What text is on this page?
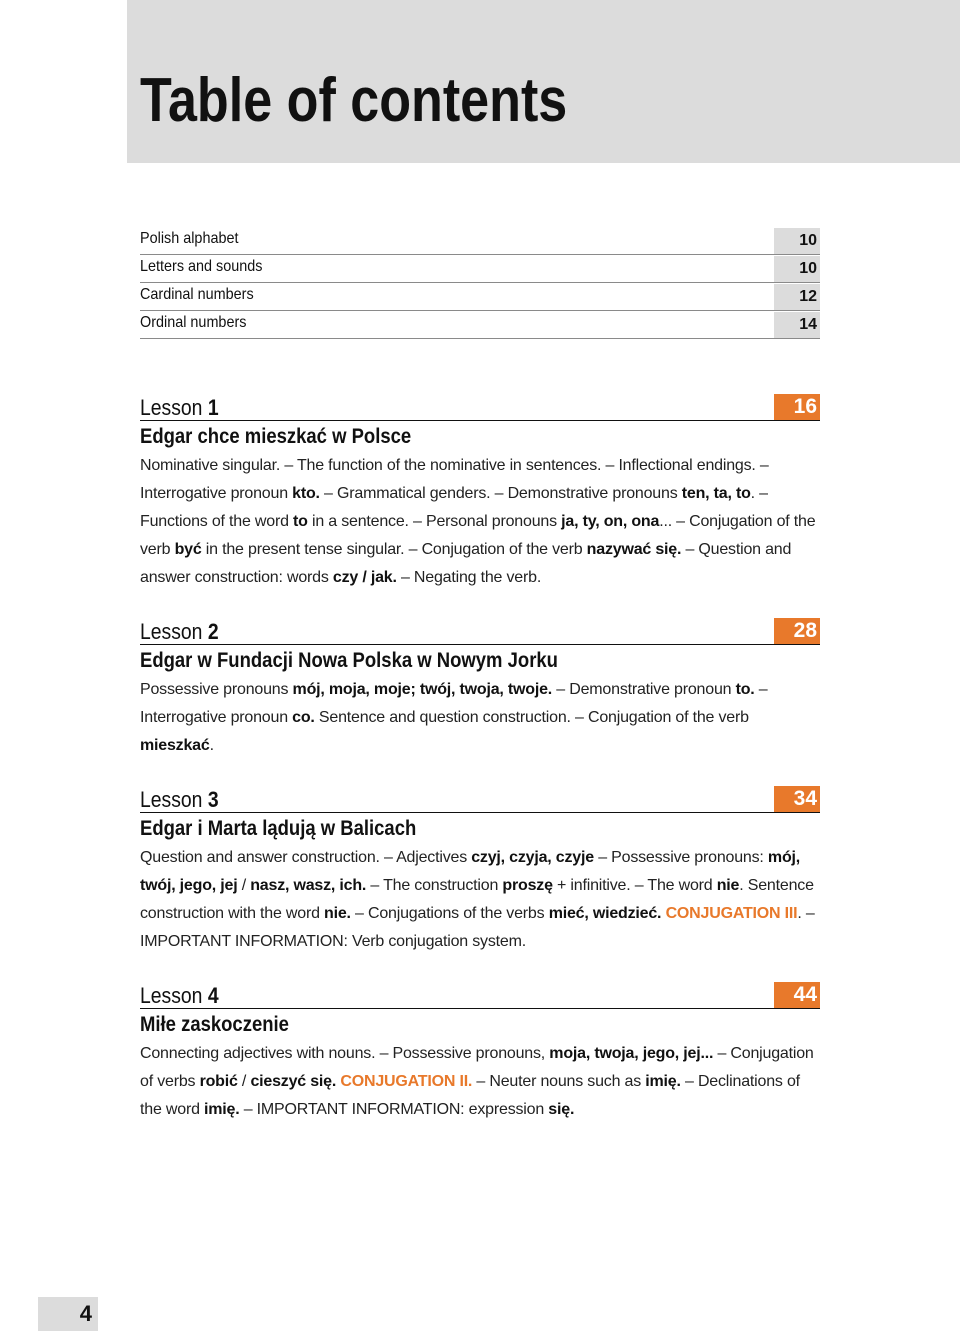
Table of contents
Polish alphabet	10
Letters and sounds	10
Cardinal numbers	12
Ordinal numbers	14
Lesson 1	16
Edgar chce mieszkać w Polsce
Nominative singular. – The function of the nominative in sentences. – Inflectional endings. – Interrogative pronoun kto. – Grammatical genders. – Demonstrative pronouns ten, ta, to. – Functions of the word to in a sentence. – Personal pronouns ja, ty, on, ona... – Conjugation of the verb być in the present tense singular. – Conjugation of the verb nazywać się. – Question and answer construction: words czy / jak. – Negating the verb.
Lesson 2	28
Edgar w Fundacji Nowa Polska w Nowym Jorku
Possessive pronouns mój, moja, moje; twój, twoja, twoje. – Demonstrative pronoun to. – Interrogative pronoun co. Sentence and question construction. – Conjugation of the verb mieszkać.
Lesson 3	34
Edgar i Marta lądują w Balicach
Question and answer construction. – Adjectives czyj, czyja, czyje – Possessive pronouns: mój, twój, jego, jej / nasz, wasz, ich. – The construction proszę + infinitive. – The word nie. Sentence construction with the word nie. – Conjugations of the verbs mieć, wiedzieć. CONJUGATION III. – IMPORTANT INFORMATION: Verb conjugation system.
Lesson 4	44
Miłe zaskoczenie
Connecting adjectives with nouns. – Possessive pronouns, moja, twoja, jego, jej... – Conjugation of verbs robić / cieszyć się. CONJUGATION II. – Neuter nouns such as imię. – Declinations of the word imię. – IMPORTANT INFORMATION: expression się.
4
